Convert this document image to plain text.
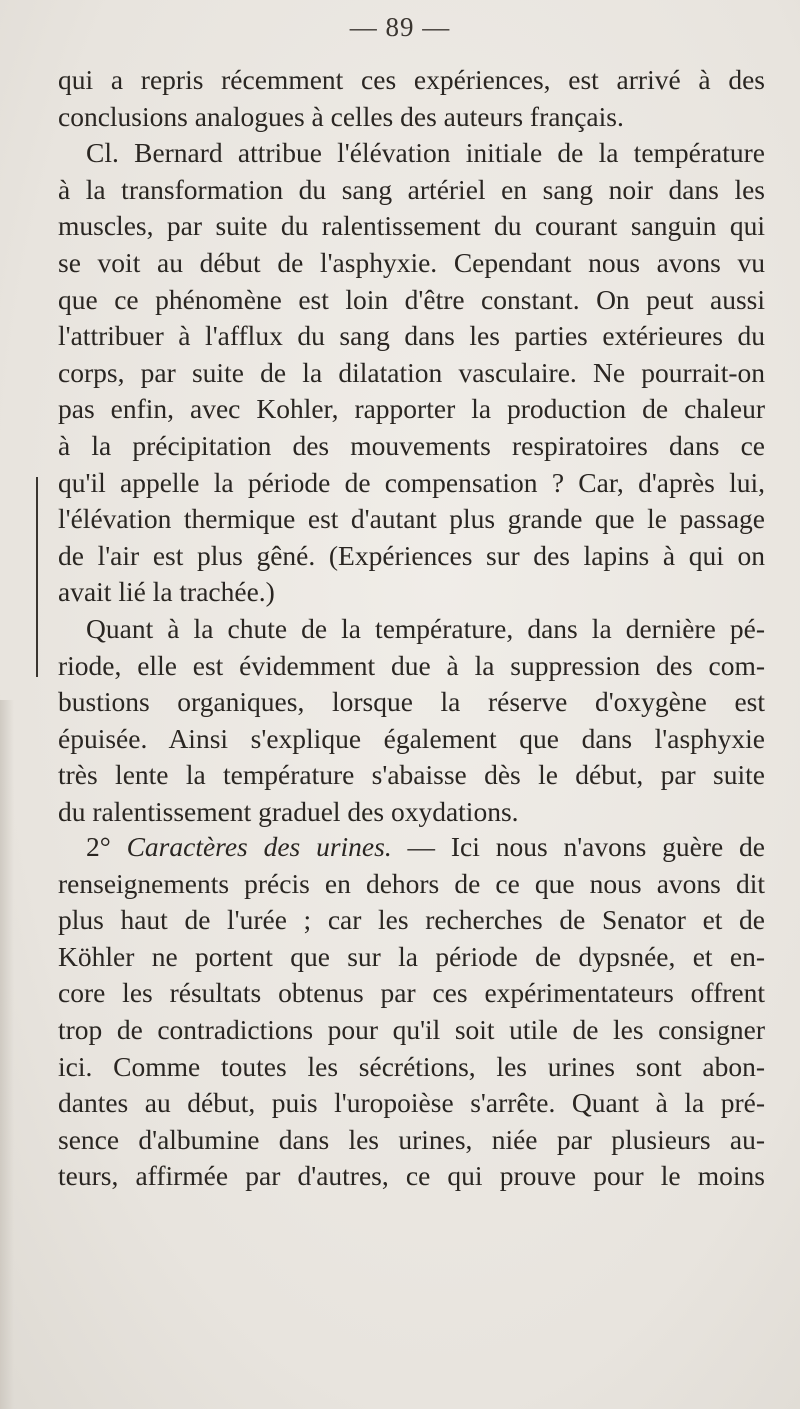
— 89 —
qui a repris récemment ces expériences, est arrivé à des
conclusions analogues à celles des auteurs français.
Cl. Bernard attribue l'élévation initiale de la température
à la transformation du sang artériel en sang noir dans les
muscles, par suite du ralentissement du courant sanguin qui
se voit au début de l'asphyxie. Cependant nous avons vu
que ce phénomène est loin d'être constant. On peut aussi
l'attribuer à l'afflux du sang dans les parties extérieures du
corps, par suite de la dilatation vasculaire. Ne pourrait-on
pas enfin, avec Kohler, rapporter la production de chaleur
à la précipitation des mouvements respiratoires dans ce
qu'il appelle la période de compensation ? Car, d'après lui,
l'élévation thermique est d'autant plus grande que le passage
de l'air est plus gêné. (Expériences sur des lapins à qui on
avait lié la trachée.)
Quant à la chute de la température, dans la dernière pé-
riode, elle est évidemment due à la suppression des com-
bustions organiques, lorsque la réserve d'oxygène est
épuisée. Ainsi s'explique également que dans l'asphyxie
très lente la température s'abaisse dès le début, par suite
du ralentissement graduel des oxydations.
2° Caractères des urines. — Ici nous n'avons guère de
renseignements précis en dehors de ce que nous avons dit
plus haut de l'urée ; car les recherches de Senator et de
Köhler ne portent que sur la période de dypsnée, et en-
core les résultats obtenus par ces expérimentateurs offrent
trop de contradictions pour qu'il soit utile de les consigner
ici. Comme toutes les sécrétions, les urines sont abon-
dantes au début, puis l'uropoièse s'arrête. Quant à la pré-
sence d'albumine dans les urines, niée par plusieurs au-
teurs, affirmée par d'autres, ce qui prouve pour le moins
